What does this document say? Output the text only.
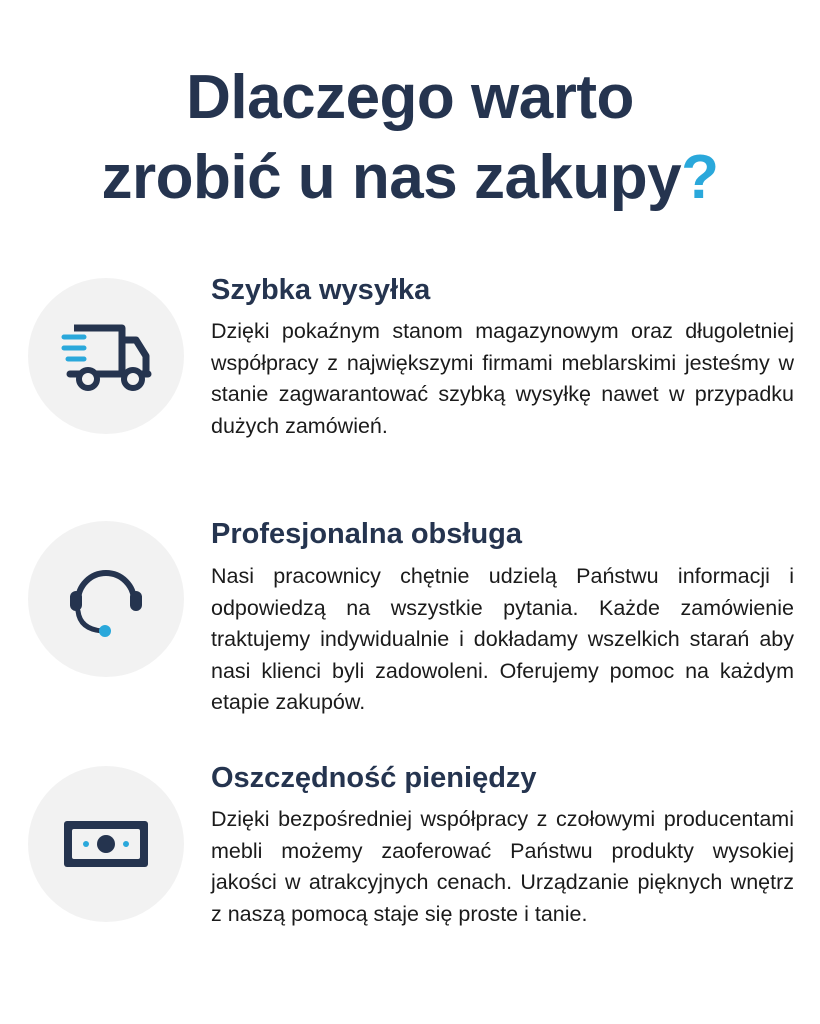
Dlaczego warto
zrobić u nas zakupy?
Szybka wysyłka

Dzięki pokaźnym stanom magazynowym oraz długoletniej współpracy z największymi firmami meblarskimi jesteśmy w stanie zagwarantować szybką wysyłkę nawet w przypadku dużych zamówień.

Profesjonalna obsługa

Nasi pracownicy chętnie udzielą Państwu informacji i odpowiedzą na wszystkie pytania. Każde zamówienie traktujemy indywidualnie i dokładamy wszelkich starań aby nasi klienci byli zadowoleni. Oferujemy pomoc na każdym etapie zakupów.

Oszczędność pieniędzy

Dzięki bezpośredniej współpracy z czołowymi producentami mebli możemy zaoferować Państwu produkty wysokiej jakości w atrakcyjnych cenach. Urządzanie pięknych wnętrz z naszą pomocą staje się proste i tanie.
